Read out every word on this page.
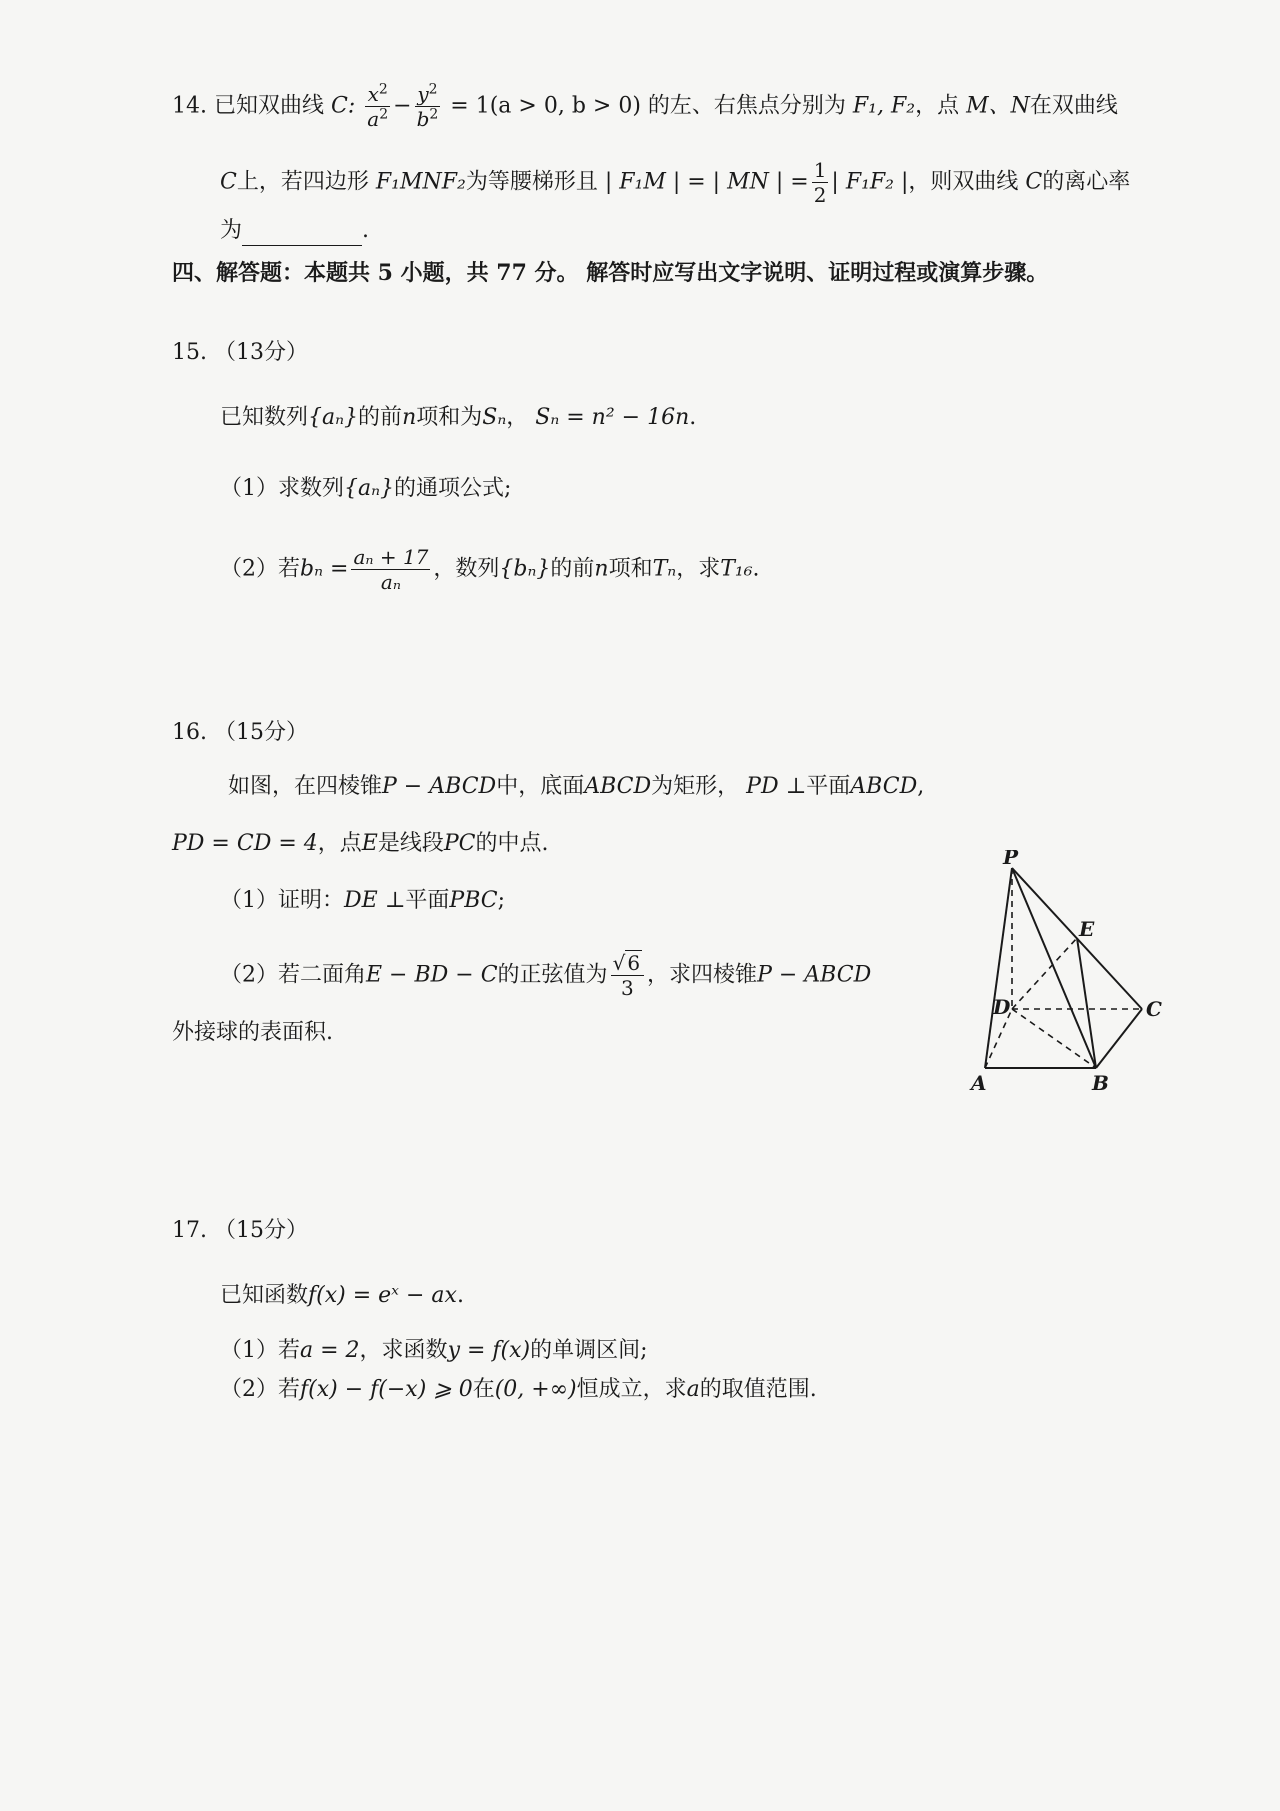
14. 已知双曲线 C: $\frac{x^2}{a^2} - \frac{y^2}{b^2} = 1(a > 0$, b > 0) 的左、右焦点分别为 F₁, F₂，点 M、N在双曲线
C上，若四边形 F₁MNF₂为等腰梯形且 | F₁M | = | MN | = $\frac{1}{2}$ | F₁F₂ |，则双曲线 C的离心率
为	.
四、解答题：本题共 5 小题，共 77 分。 解答时应写出文字说明、证明过程或演算步骤。
15. （13分）
已知数列{aₙ}的前n项和为Sₙ， Sₙ = n² − 16n.
（1）求数列{aₙ}的通项公式;
（2）若$b_n = \frac{\text{aₙ + 17}}{\text{aₙ}}$ ，数列{bₙ}的前n项和Tₙ，求T₁₆.
16. （15分）
如图，在四棱锥P − ABCD中，底面ABCD为矩形， PD ⊥平面ABCD,
PD = CD = 4，点E是线段PC的中点.
（1）证明：DE ⊥平面PBC;
（2）若二面角E − BD − C的正弦值为 $\frac{√ 6}{3}$ ，求四棱锥P − ABCD
外接球的表面积.
P
E
D	C
A	B
17. （15分）
已知函数f(x) = eˣ − ax.
（1）若a = 2，求函数y = f(x)的单调区间;
（2）若f(x) − f(−x) ⩾ 0在(0, +∞)恒成立，求a的取值范围.
